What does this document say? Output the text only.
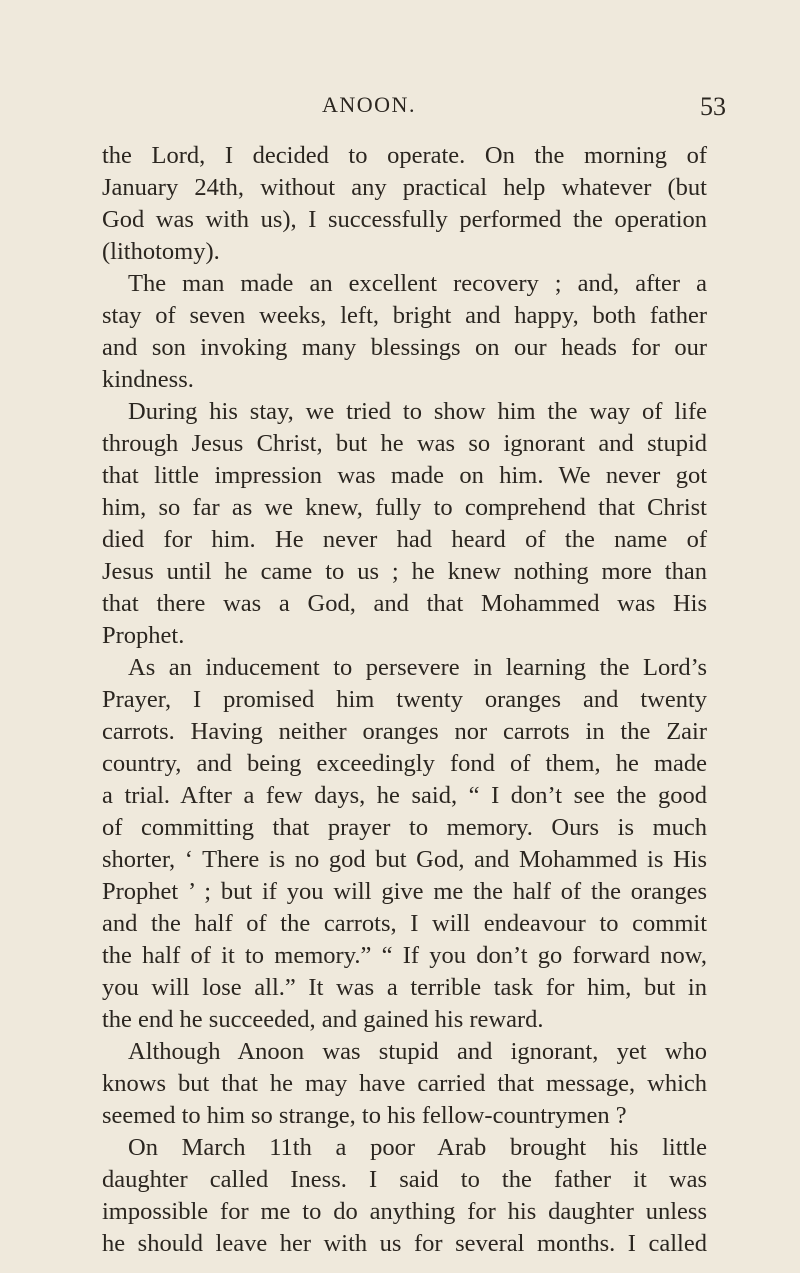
ANOON.	53
the Lord, I decided to operate. On the morning of
January 24th, without any practical help whatever (but
God was with us), I successfully performed the operation
(lithotomy).
The man made an excellent recovery ; and, after a
stay of seven weeks, left, bright and happy, both father
and son invoking many blessings on our heads for our
kindness.
During his stay, we tried to show him the way of life
through Jesus Christ, but he was so ignorant and stupid
that little impression was made on him. We never got
him, so far as we knew, fully to comprehend that Christ
died for him. He never had heard of the name of
Jesus until he came to us ; he knew nothing more than
that there was a God, and that Mohammed was His
Prophet.
As an inducement to persevere in learning the Lord’s
Prayer, I promised him twenty oranges and twenty
carrots. Having neither oranges nor carrots in the Zair
country, and being exceedingly fond of them, he made
a trial. After a few days, he said, “ I don’t see the good
of committing that prayer to memory. Ours is much
shorter, ‘ There is no god but God, and Mohammed is His
Prophet ’ ; but if you will give me the half of the oranges
and the half of the carrots, I will endeavour to commit
the half of it to memory.” “ If you don’t go forward now,
you will lose all.” It was a terrible task for him, but in
the end he succeeded, and gained his reward.
Although Anoon was stupid and ignorant, yet who
knows but that he may have carried that message, which
seemed to him so strange, to his fellow-countrymen ?
On March 11th a poor Arab brought his little
daughter called Iness. I said to the father it was
impossible for me to do anything for his daughter unless
he should leave her with us for several months. I called
